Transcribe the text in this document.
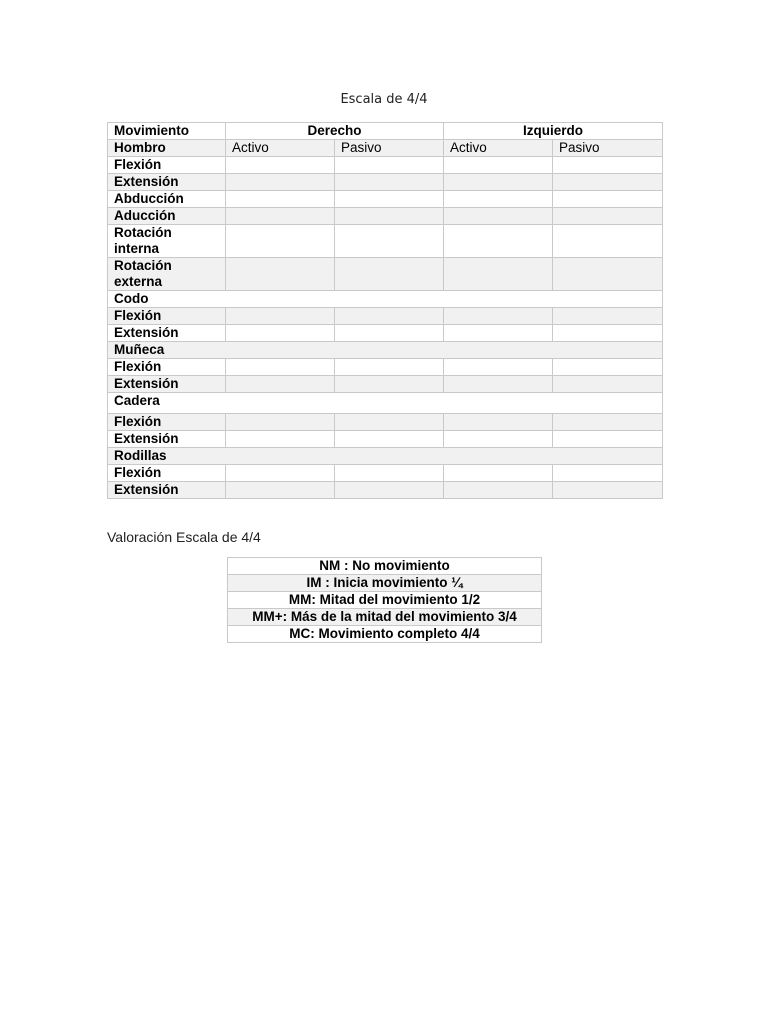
Escala de 4/4
Movimiento	Derecho		Izquierdo	
Hombro	Activo	Pasivo	Activo	Pasivo
Flexión				
Extensión				
Abducción				
Aducción				
Rotación interna				
Rotación externa				
Codo				
Flexión				
Extensión				
Muñeca				
Flexión				
Extensión				
Cadera				
Flexión				
Extensión				
Rodillas				
Flexión				
Extensión				
Valoración Escala de 4/4
NM : No movimiento
IM : Inicia movimiento ¼
MM: Mitad del movimiento 1/2
MM+: Más de la mitad del movimiento 3/4
MC: Movimiento completo 4/4
